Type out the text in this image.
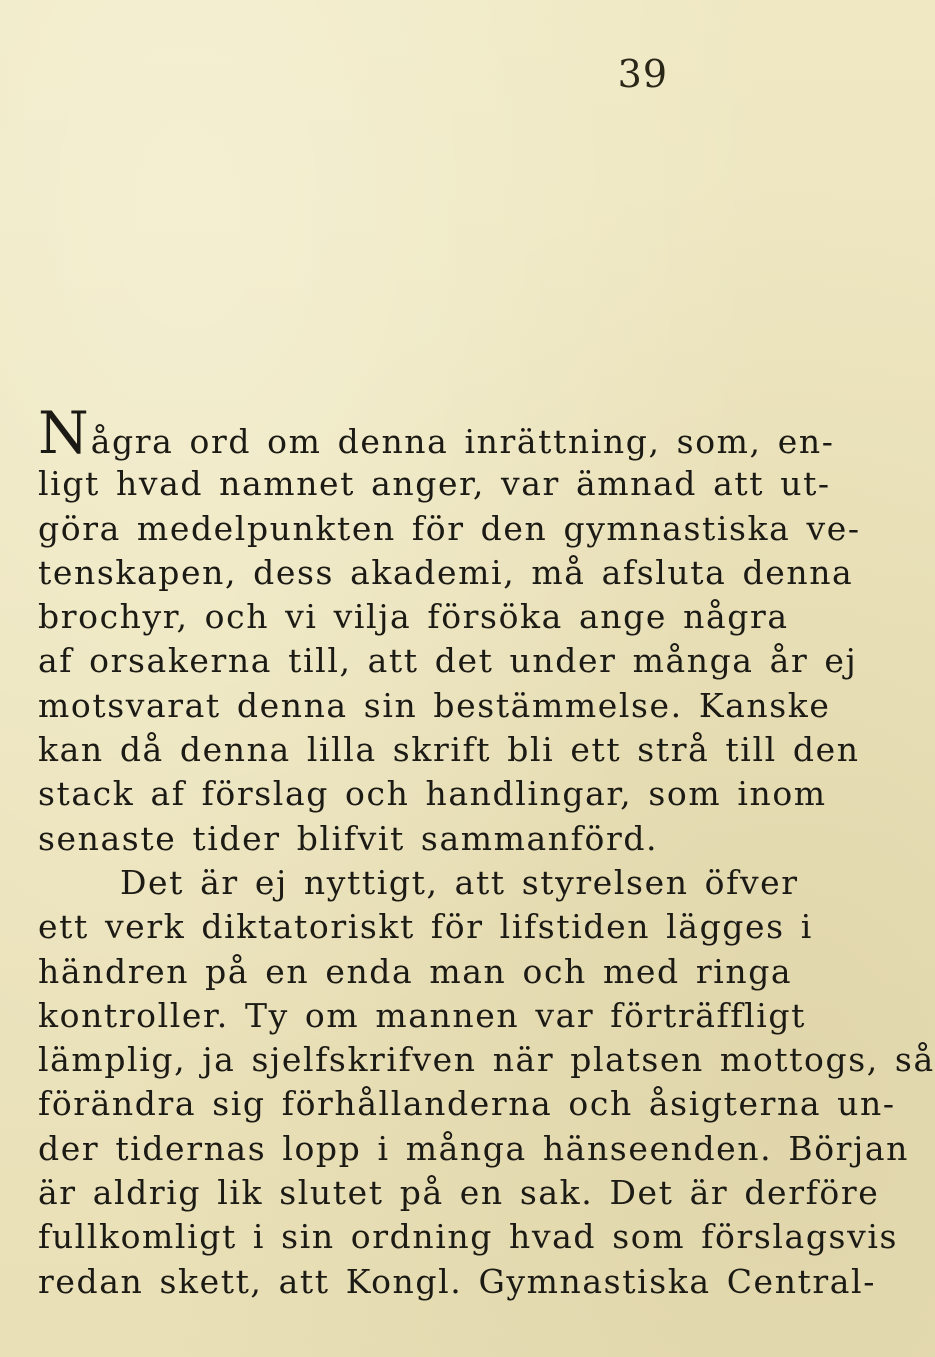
39
Några ord om denna inrättning, som, en-
ligt hvad namnet anger, var ämnad att ut-
göra medelpunkten för den gymnastiska ve-
tenskapen, dess akademi, må afsluta denna
brochyr, och vi vilja försöka ange några
af orsakerna till, att det under många år ej
motsvarat denna sin bestämmelse. Kanske
kan då denna lilla skrift bli ett strå till den
stack af förslag och handlingar, som inom
senaste tider blifvit sammanförd.
Det är ej nyttigt, att styrelsen öfver
ett verk diktatoriskt för lifstiden lägges i
händren på en enda man och med ringa
kontroller. Ty om mannen var förträffligt
lämplig, ja sjelfskrifven när platsen mottogs, så
förändra sig förhållanderna och åsigterna un-
der tidernas lopp i många hänseenden. Början
är aldrig lik slutet på en sak. Det är derföre
fullkomligt i sin ordning hvad som förslagsvis
redan skett, att Kongl. Gymnastiska Central-
